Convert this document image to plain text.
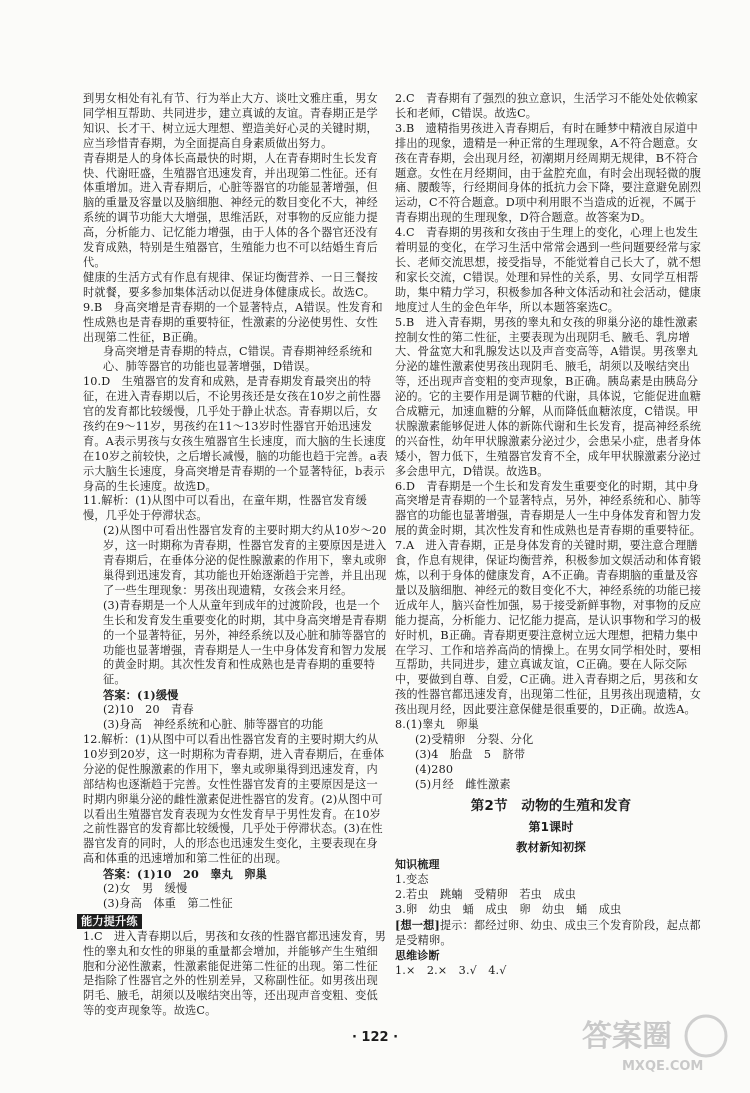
到男女相处有礼有节、行为举止大方、谈吐文雅庄重，男女同学相互帮助、共同进步，建立真诚的友谊。青春期正是学知识、长才干、树立远大理想、塑造美好心灵的关键时期，应当珍惜青春期，为全面提高自身素质做出努力。

青春期是人的身体长高最快的时期，人在青春期时生长发育快、代谢旺盛，生殖器官迅速发育，并出现第二性征。还有体重增加。进入青春期后，心脏等器官的功能显著增强，但脑的重量及容量以及脑细胞、神经元的数目变化不大，神经系统的调节功能大大增强，思维活跃，对事物的反应能力提高，分析能力、记忆能力增强，由于人体的各个器官还没有发育成熟，特别是生殖器官，生殖能力也不可以结婚生育后代。

健康的生活方式有作息有规律、保证均衡营养、一日三餐按时就餐，要多参加集体活动以促进身体健康成长。故选C。

9.B　身高突增是青春期的一个显著特点，A错误。性发育和性成熟也是青春期的重要特征，性激素的分泌使男性、女性出现第二性征，B正确。

身高突增是青春期的特点，C错误。青春期神经系统和心、肺等器官的功能也显著增强，D错误。

10.D　生殖器官的发育和成熟，是青春期发育最突出的特征，在进入青春期以后，不论男孩还是女孩在10岁之前性器官的发育都比较缓慢，几乎处于静止状态。青春期以后，女孩约在9～11岁，男孩约在11～13岁时性器官开始迅速发育。A表示男孩与女孩生殖器官生长速度，而大脑的生长速度在10岁之前较快，之后增长减慢，脑的功能也趋于完善。a表示大脑生长速度，身高突增是青春期的一个显著特征，b表示身高的生长速度。故选D。

11.解析：(1)从图中可以看出，在童年期，性器官发育缓慢，几乎处于停滞状态。

(2)从图中可看出性器官发育的主要时期大约从10岁～20岁，这一时期称为青春期，性器官发育的主要原因是进入青春期后，在垂体分泌的促性腺激素的作用下，睾丸或卵巢得到迅速发育，其功能也开始逐渐趋于完善，并且出现了一些生理现象：男孩出现遗精，女孩会来月经。

(3)青春期是一个人从童年到成年的过渡阶段，也是一个生长和发育发生重要变化的时期，其中身高突增是青春期的一个显著特征，另外，神经系统以及心脏和肺等器官的功能也显著增强，青春期是人一生中身体发育和智力发展的黄金时期。其次性发育和性成熟也是青春期的重要特征。

答案：(1)缓慢

(2)10　20　青春

(3)身高　神经系统和心脏、肺等器官的功能

12.解析：(1)从图中可以看出性器官发育的主要时期大约从10岁到20岁，这一时期称为青春期，进入青春期后，在垂体分泌的促性腺激素的作用下，睾丸或卵巢得到迅速发育，内部结构也逐渐趋于完善。女性性器官发育的主要原因是这一时期内卵巢分泌的雌性激素促进性器官的发育。(2)从图中可以看出生殖器官发育表现为女性发育早于男性发育。在10岁之前性器官的发育都比较缓慢，几乎处于停滞状态。(3)在性器官发育的同时，人的形态也迅速发生变化，主要表现在身高和体重的迅速增加和第二性征的出现。

答案：(1)10　20　睾丸　卵巢

(2)女　男　缓慢

(3)身高　体重　第二性征

能力提升练

1.C　进入青春期以后，男孩和女孩的性器官都迅速发育，男性的睾丸和女性的卵巢的重量都会增加，并能够产生生殖细胞和分泌性激素，性激素能促进第二性征的出现。第二性征是指除了性器官之外的性别差异，又称副性征。如男孩出现阴毛、腋毛，胡须以及喉结突出等，还出现声音变粗、变低等的变声现象等。故选C。

2.C　青春期有了强烈的独立意识，生活学习不能处处依赖家长和老师，C错误。故选C。

3.B　遗精指男孩进入青春期后，有时在睡梦中精液自尿道中排出的现象，遗精是一种正常的生理现象，A不符合题意。女孩在青春期，会出现月经，初潮期月经周期无规律，B不符合题意。女性在月经期间，由于盆腔充血，有时会出现轻微的腹痛、腰酸等，行经期间身体的抵抗力会下降，要注意避免剧烈运动，C不符合题意。D项中利用眼不当造成的近视，不属于青春期出现的生理现象，D符合题意。故答案为D。

4.C　青春期的男孩和女孩由于生理上的变化，心理上也发生着明显的变化，在学习生活中常常会遇到一些问题要经常与家长、老师交流思想，接受指导，不能觉着自己长大了，就不想和家长交流，C错误。处理和异性的关系，男、女同学互相帮助，集中精力学习，积极参加各种文体活动和社会活动，健康地度过人生的金色年华，所以本题答案选C。

5.B　进入青春期，男孩的睾丸和女孩的卵巢分泌的雄性激素控制女性的第二性征，主要表现为出现阴毛、腋毛、乳房增大、骨盆宽大和乳腺发达以及声音变高等，A错误。男孩睾丸分泌的雄性激素使男孩出现阴毛、腋毛，胡须以及喉结突出等，还出现声音变粗的变声现象，B正确。胰岛素是由胰岛分泌的。它的主要作用是调节糖的代谢，具体说，它能促进血糖合成糖元，加速血糖的分解，从而降低血糖浓度，C错误。甲状腺激素能够促进人体的新陈代谢和生长发育，提高神经系统的兴奋性，幼年甲状腺激素分泌过少，会患呆小症，患者身体矮小，智力低下，生殖器官发育不全，成年甲状腺激素分泌过多会患甲亢，D错误。故选B。

6.D　青春期是一个生长和发育发生重要变化的时期，其中身高突增是青春期的一个显著特点，另外，神经系统和心、肺等器官的功能也显著增强，青春期是人一生中身体发育和智力发展的黄金时期，其次性发育和性成熟也是青春期的重要特征。

7.A　进入青春期，正是身体发育的关键时期，要注意合理膳食，作息有规律，保证均衡营养，积极参加文娱活动和体育锻炼，以利于身体的健康发育，A不正确。青春期脑的重量及容量以及脑细胞、神经元的数目变化不大，神经系统的功能已接近成年人，脑兴奋性加强，易于接受新鲜事物，对事物的反应能力提高，分析能力、记忆能力提高，是认识事物和学习的极好时机，B正确。青春期更要注意树立远大理想，把精力集中在学习、工作和培养高尚的情操上。在男女同学相处时，要相互帮助，共同进步，建立真诚友谊，C正确。要在人际交际中，要做到自尊、自爱，C正确。进入青春期之后，男孩和女孩的性器官都迅速发育，出现第二性征，且男孩出现遗精，女孩出现月经，因此要注意保健是很重要的，D正确。故选A。

8.(1)睾丸　卵巢

(2)受精卵　分裂、分化

(3)4　胎盘　5　脐带

(4)280

(5)月经　雌性激素

第2节　动物的生殖和发育
第1课时
教材新知初探
知识梳理

1.变态

2.若虫　跳蝻　受精卵　若虫　成虫

3.卵　幼虫　蛹　成虫　卵　幼虫　蛹　成虫

[想一想]提示：都经过卵、幼虫、成虫三个发育阶段，起点都是受精卵。

思维诊断

1.×　2.×　3.√　4.√

· 122 ·	答案圈
MXQE.COM
